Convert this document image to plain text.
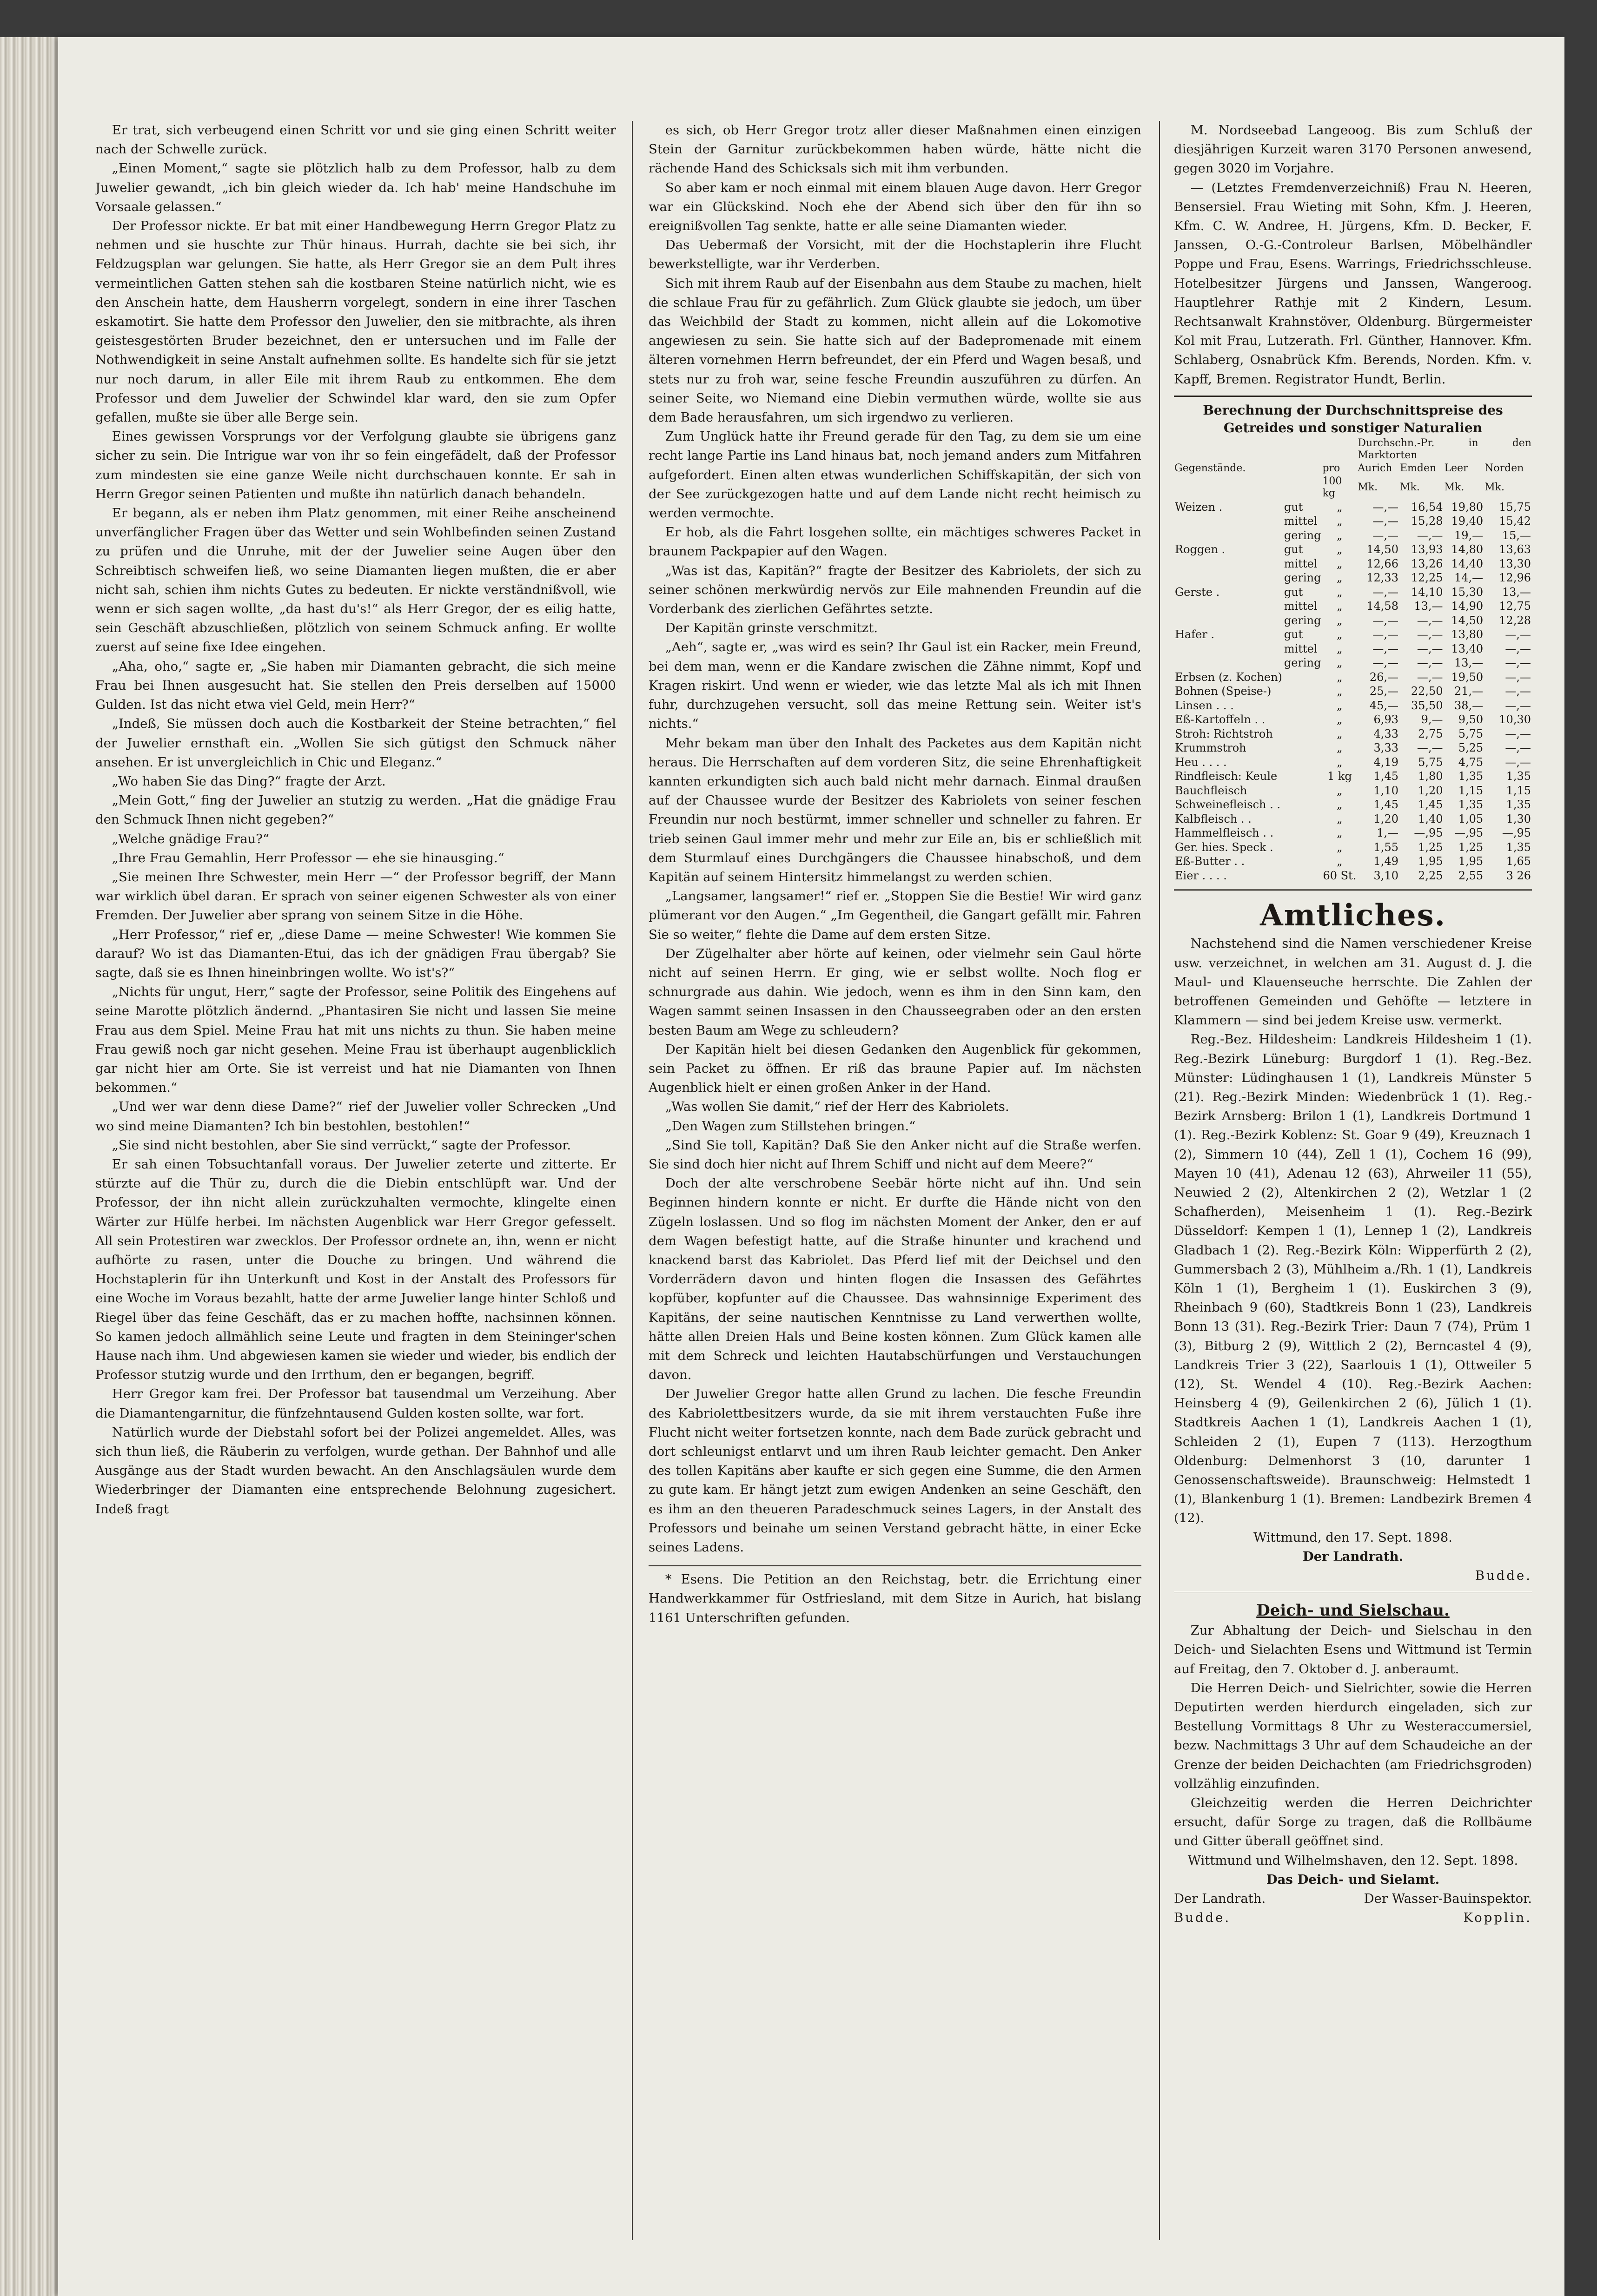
Er trat, sich verbeugend einen Schritt vor und sie ging einen Schritt weiter nach der Schwelle zurück.

„Einen Moment,“ sagte sie plötzlich halb zu dem Professor, halb zu dem Juwelier gewandt, „ich bin gleich wieder da. Ich hab' meine Handschuhe im Vorsaale gelassen.“

Der Professor nickte. Er bat mit einer Handbewegung Herrn Gregor Platz zu nehmen und sie huschte zur Thür hinaus. Hurrah, dachte sie bei sich, ihr Feldzugsplan war gelungen. Sie hatte, als Herr Gregor sie an dem Pult ihres vermeintlichen Gatten stehen sah die kostbaren Steine natürlich nicht, wie es den Anschein hatte, dem Hausherrn vorgelegt, sondern in eine ihrer Taschen eskamotirt. Sie hatte dem Professor den Juwelier, den sie mitbrachte, als ihren geistesgestörten Bruder bezeichnet, den er untersuchen und im Falle der Nothwendigkeit in seine Anstalt aufnehmen sollte. Es handelte sich für sie jetzt nur noch darum, in aller Eile mit ihrem Raub zu entkommen. Ehe dem Professor und dem Juwelier der Schwindel klar ward, den sie zum Opfer gefallen, mußte sie über alle Berge sein.

Eines gewissen Vorsprungs vor der Verfolgung glaubte sie übrigens ganz sicher zu sein. Die Intrigue war von ihr so fein eingefädelt, daß der Professor zum mindesten sie eine ganze Weile nicht durchschauen konnte. Er sah in Herrn Gregor seinen Patienten und mußte ihn natürlich danach behandeln.

Er begann, als er neben ihm Platz genommen, mit einer Reihe anscheinend unverfänglicher Fragen über das Wetter und sein Wohlbefinden seinen Zustand zu prüfen und die Unruhe, mit der der Juwelier seine Augen über den Schreibtisch schweifen ließ, wo seine Diamanten liegen mußten, die er aber nicht sah, schien ihm nichts Gutes zu bedeuten. Er nickte verständnißvoll, wie wenn er sich sagen wollte, „da hast du's!“ als Herr Gregor, der es eilig hatte, sein Geschäft abzuschließen, plötzlich von seinem Schmuck anfing. Er wollte zuerst auf seine fixe Idee eingehen.

„Aha, oho,“ sagte er, „Sie haben mir Diamanten gebracht, die sich meine Frau bei Ihnen ausgesucht hat. Sie stellen den Preis derselben auf 15000 Gulden. Ist das nicht etwa viel Geld, mein Herr?“

„Indeß, Sie müssen doch auch die Kostbarkeit der Steine betrachten,“ fiel der Juwelier ernsthaft ein. „Wollen Sie sich gütigst den Schmuck näher ansehen. Er ist unvergleichlich in Chic und Eleganz.“

„Wo haben Sie das Ding?“ fragte der Arzt.

„Mein Gott,“ fing der Juwelier an stutzig zu werden. „Hat die gnädige Frau den Schmuck Ihnen nicht gegeben?“

„Welche gnädige Frau?“

„Ihre Frau Gemahlin, Herr Professor — ehe sie hinausging.“

„Sie meinen Ihre Schwester, mein Herr —“ der Professor begriff, der Mann war wirklich übel daran. Er sprach von seiner eigenen Schwester als von einer Fremden. Der Juwelier aber sprang von seinem Sitze in die Höhe.

„Herr Professor,“ rief er, „diese Dame — meine Schwester! Wie kommen Sie darauf? Wo ist das Diamanten-Etui, das ich der gnädigen Frau übergab? Sie sagte, daß sie es Ihnen hineinbringen wollte. Wo ist's?“

„Nichts für ungut, Herr,“ sagte der Professor, seine Politik des Eingehens auf seine Marotte plötzlich ändernd. „Phantasiren Sie nicht und lassen Sie meine Frau aus dem Spiel. Meine Frau hat mit uns nichts zu thun. Sie haben meine Frau gewiß noch gar nicht gesehen. Meine Frau ist überhaupt augenblicklich gar nicht hier am Orte. Sie ist verreist und hat nie Diamanten von Ihnen bekommen.“

„Und wer war denn diese Dame?“ rief der Juwelier voller Schrecken „Und wo sind meine Diamanten? Ich bin bestohlen, bestohlen!“

„Sie sind nicht bestohlen, aber Sie sind verrückt,“ sagte der Professor.

Er sah einen Tobsuchtanfall voraus. Der Juwelier zeterte und zitterte. Er stürzte auf die Thür zu, durch die die Diebin entschlüpft war. Und der Professor, der ihn nicht allein zurückzuhalten vermochte, klingelte einen Wärter zur Hülfe herbei. Im nächsten Augenblick war Herr Gregor gefesselt. All sein Protestiren war zwecklos. Der Professor ordnete an, ihn, wenn er nicht aufhörte zu rasen, unter die Douche zu bringen. Und während die Hochstaplerin für ihn Unterkunft und Kost in der Anstalt des Professors für eine Woche im Voraus bezahlt, hatte der arme Juwelier lange hinter Schloß und Riegel über das feine Geschäft, das er zu machen hoffte, nachsinnen können. So kamen jedoch allmählich seine Leute und fragten in dem Steininger'schen Hause nach ihm. Und abgewiesen kamen sie wieder und wieder, bis endlich der Professor stutzig wurde und den Irrthum, den er begangen, begriff.

Herr Gregor kam frei. Der Professor bat tausendmal um Verzeihung. Aber die Diamantengarnitur, die fünfzehntausend Gulden kosten sollte, war fort.

Natürlich wurde der Diebstahl sofort bei der Polizei angemeldet. Alles, was sich thun ließ, die Räuberin zu verfolgen, wurde gethan. Der Bahnhof und alle Ausgänge aus der Stadt wurden bewacht. An den Anschlagsäulen wurde dem Wiederbringer der Diamanten eine entsprechende Belohnung zugesichert. Indeß fragt

es sich, ob Herr Gregor trotz aller dieser Maßnahmen einen einzigen Stein der Garnitur zurückbekommen haben würde, hätte nicht die rächende Hand des Schicksals sich mit ihm verbunden.

So aber kam er noch einmal mit einem blauen Auge davon. Herr Gregor war ein Glückskind. Noch ehe der Abend sich über den für ihn so ereignißvollen Tag senkte, hatte er alle seine Diamanten wieder.

Das Uebermaß der Vorsicht, mit der die Hochstaplerin ihre Flucht bewerkstelligte, war ihr Verderben.

Sich mit ihrem Raub auf der Eisenbahn aus dem Staube zu machen, hielt die schlaue Frau für zu gefährlich. Zum Glück glaubte sie jedoch, um über das Weichbild der Stadt zu kommen, nicht allein auf die Lokomotive angewiesen zu sein. Sie hatte sich auf der Badepromenade mit einem älteren vornehmen Herrn befreundet, der ein Pferd und Wagen besaß, und stets nur zu froh war, seine fesche Freundin auszuführen zu dürfen. An seiner Seite, wo Niemand eine Diebin vermuthen würde, wollte sie aus dem Bade herausfahren, um sich irgendwo zu verlieren.

Zum Unglück hatte ihr Freund gerade für den Tag, zu dem sie um eine recht lange Partie ins Land hinaus bat, noch jemand anders zum Mitfahren aufgefordert. Einen alten etwas wunderlichen Schiffskapitän, der sich von der See zurückgezogen hatte und auf dem Lande nicht recht heimisch zu werden vermochte.

Er hob, als die Fahrt losgehen sollte, ein mächtiges schweres Packet in braunem Packpapier auf den Wagen.

„Was ist das, Kapitän?“ fragte der Besitzer des Kabriolets, der sich zu seiner schönen merkwürdig nervös zur Eile mahnenden Freundin auf die Vorderbank des zierlichen Gefährtes setzte.

Der Kapitän grinste verschmitzt.

„Aeh“, sagte er, „was wird es sein? Ihr Gaul ist ein Racker, mein Freund, bei dem man, wenn er die Kandare zwischen die Zähne nimmt, Kopf und Kragen riskirt. Und wenn er wieder, wie das letzte Mal als ich mit Ihnen fuhr, durchzugehen versucht, soll das meine Rettung sein. Weiter ist's nichts.“

Mehr bekam man über den Inhalt des Packetes aus dem Kapitän nicht heraus. Die Herrschaften auf dem vorderen Sitz, die seine Ehrenhaftigkeit kannten erkundigten sich auch bald nicht mehr darnach. Einmal draußen auf der Chaussee wurde der Besitzer des Kabriolets von seiner feschen Freundin nur noch bestürmt, immer schneller und schneller zu fahren. Er trieb seinen Gaul immer mehr und mehr zur Eile an, bis er schließlich mit dem Sturmlauf eines Durchgängers die Chaussee hinabschoß, und dem Kapitän auf seinem Hintersitz himmelangst zu werden schien.

„Langsamer, langsamer!“ rief er. „Stoppen Sie die Bestie! Wir wird ganz plümerant vor den Augen.“ „Im Gegentheil, die Gangart gefällt mir. Fahren Sie so weiter,“ flehte die Dame auf dem ersten Sitze.

Der Zügelhalter aber hörte auf keinen, oder vielmehr sein Gaul hörte nicht auf seinen Herrn. Er ging, wie er selbst wollte. Noch flog er schnurgrade aus dahin. Wie jedoch, wenn es ihm in den Sinn kam, den Wagen sammt seinen Insassen in den Chausseegraben oder an den ersten besten Baum am Wege zu schleudern?

Der Kapitän hielt bei diesen Gedanken den Augenblick für gekommen, sein Packet zu öffnen. Er riß das braune Papier auf. Im nächsten Augenblick hielt er einen großen Anker in der Hand.

„Was wollen Sie damit,“ rief der Herr des Kabriolets.

„Den Wagen zum Stillstehen bringen.“

„Sind Sie toll, Kapitän? Daß Sie den Anker nicht auf die Straße werfen. Sie sind doch hier nicht auf Ihrem Schiff und nicht auf dem Meere?“

Doch der alte verschrobene Seebär hörte nicht auf ihn. Und sein Beginnen hindern konnte er nicht. Er durfte die Hände nicht von den Zügeln loslassen. Und so flog im nächsten Moment der Anker, den er auf dem Wagen befestigt hatte, auf die Straße hinunter und krachend und knackend barst das Kabriolet. Das Pferd lief mit der Deichsel und den Vorderrädern davon und hinten flogen die Insassen des Gefährtes kopfüber, kopfunter auf die Chaussee. Das wahnsinnige Experiment des Kapitäns, der seine nautischen Kenntnisse zu Land verwerthen wollte, hätte allen Dreien Hals und Beine kosten können. Zum Glück kamen alle mit dem Schreck und leichten Hautabschürfungen und Verstauchungen davon.

Der Juwelier Gregor hatte allen Grund zu lachen. Die fesche Freundin des Kabriolettbesitzers wurde, da sie mit ihrem verstauchten Fuße ihre Flucht nicht weiter fortsetzen konnte, nach dem Bade zurück gebracht und dort schleunigst entlarvt und um ihren Raub leichter gemacht. Den Anker des tollen Kapitäns aber kaufte er sich gegen eine Summe, die den Armen zu gute kam. Er hängt jetzt zum ewigen Andenken an seine Geschäft, den es ihm an den theueren Paradeschmuck seines Lagers, in der Anstalt des Professors und beinahe um seinen Verstand gebracht hätte, in einer Ecke seines Ladens.

* Esens. Die Petition an den Reichstag, betr. die Errichtung einer Handwerkkammer für Ostfriesland, mit dem Sitze in Aurich, hat bislang 1161 Unterschriften gefunden.

M. Nordseebad Langeoog. Bis zum Schluß der diesjährigen Kurzeit waren 3170 Personen anwesend, gegen 3020 im Vorjahre.

— (Letztes Fremdenverzeichniß) Frau N. Heeren, Bensersiel. Frau Wieting mit Sohn, Kfm. J. Heeren, Kfm. C. W. Andree, H. Jürgens, Kfm. D. Becker, F. Janssen, O.-G.-Controleur Barlsen, Möbelhändler Poppe und Frau, Esens. Warrings, Friedrichsschleuse. Hotelbesitzer Jürgens und Janssen, Wangeroog. Hauptlehrer Rathje mit 2 Kindern, Lesum. Rechtsanwalt Krahnstöver, Oldenburg. Bürgermeister Kol mit Frau, Lutzerath. Frl. Günther, Hannover. Kfm. Schlaberg, Osnabrück Kfm. Berends, Norden. Kfm. v. Kapff, Bremen. Registrator Hundt, Berlin.

Berechnung der Durchschnittspreise des Getreides und sonstiger Naturalien
			Durchschn.-Pr. in den Marktorten			
Gegenstände.		pro	Aurich	Emden	Leer	Norden
		100 kg	Mk.	Mk.	Mk.	Mk.
Weizen .	gut	„	—,—	16,54	19,80	15,75
	mittel	„	—,—	15,28	19,40	15,42
	gering	„	—,—	—,—	19,—	15,—
Roggen .	gut	„	14,50	13,93	14,80	13,63
	mittel	„	12,66	13,26	14,40	13,30
	gering	„	12,33	12,25	14,—	12,96
Gerste .	gut	„	—,—	14,10	15,30	13,—
	mittel	„	14,58	13,—	14,90	12,75
	gering	„	—,—	—,—	14,50	12,28
Hafer .	gut	„	—,—	—,—	13,80	—,—
	mittel	„	—,—	—,—	13,40	—,—
	gering	„	—,—	—,—	13,—	—,—
Erbsen (z. Kochen)		„	26,—	—,—	19,50	—,—
Bohnen (Speise-)		„	25,—	22,50	21,—	—,—
Linsen . . .		„	45,—	35,50	38,—	—,—
Eß-Kartoffeln . .		„	6,93	9,—	9,50	10,30
Stroh: Richtstroh		„	4,33	2,75	5,75	—,—
Krummstroh		„	3,33	—,—	5,25	—,—
Heu . . . .		„	4,19	5,75	4,75	—,—
Rindfleisch: Keule		1 kg	1,45	1,80	1,35	1,35
Bauchfleisch		„	1,10	1,20	1,15	1,15
Schweinefleisch . .		„	1,45	1,45	1,35	1,35
Kalbfleisch . .		„	1,20	1,40	1,05	1,30
Hammelfleisch . .		„	1,—	—,95	—,95	—,95
Ger. hies. Speck .		„	1,55	1,25	1,25	1,35
Eß-Butter . .		„	1,49	1,95	1,95	1,65
Eier . . . .		60 St.	3,10	2,25	2,55	3 26
Amtliches.

Nachstehend sind die Namen verschiedener Kreise usw. verzeichnet, in welchen am 31. August d. J. die Maul- und Klauenseuche herrschte. Die Zahlen der betroffenen Gemeinden und Gehöfte — letztere in Klammern — sind bei jedem Kreise usw. vermerkt.

Reg.-Bez. Hildesheim: Landkreis Hildesheim 1 (1). Reg.-Bezirk Lüneburg: Burgdorf 1 (1). Reg.-Bez. Münster: Lüdinghausen 1 (1), Landkreis Münster 5 (21). Reg.-Bezirk Minden: Wiedenbrück 1 (1). Reg.-Bezirk Arnsberg: Brilon 1 (1), Landkreis Dortmund 1 (1). Reg.-Bezirk Koblenz: St. Goar 9 (49), Kreuznach 1 (2), Simmern 10 (44), Zell 1 (1), Cochem 16 (99), Mayen 10 (41), Adenau 12 (63), Ahrweiler 11 (55), Neuwied 2 (2), Altenkirchen 2 (2), Wetzlar 1 (2 Schafherden), Meisenheim 1 (1). Reg.-Bezirk Düsseldorf: Kempen 1 (1), Lennep 1 (2), Landkreis Gladbach 1 (2). Reg.-Bezirk Köln: Wipperfürth 2 (2), Gummersbach 2 (3), Mühlheim a./Rh. 1 (1), Landkreis Köln 1 (1), Bergheim 1 (1). Euskirchen 3 (9), Rheinbach 9 (60), Stadtkreis Bonn 1 (23), Landkreis Bonn 13 (31). Reg.-Bezirk Trier: Daun 7 (74), Prüm 1 (3), Bitburg 2 (9), Wittlich 2 (2), Berncastel 4 (9), Landkreis Trier 3 (22), Saarlouis 1 (1), Ottweiler 5 (12), St. Wendel 4 (10). Reg.-Bezirk Aachen: Heinsberg 4 (9), Geilenkirchen 2 (6), Jülich 1 (1). Stadtkreis Aachen 1 (1), Landkreis Aachen 1 (1), Schleiden 2 (1), Eupen 7 (113). Herzogthum Oldenburg: Delmenhorst 3 (10, darunter 1 Genossenschaftsweide). Braunschweig: Helmstedt 1 (1), Blankenburg 1 (1). Bremen: Landbezirk Bremen 4 (12).

Wittmund, den 17. Sept. 1898.
Der Landrath.
Budde.
Deich- und Sielschau.

Zur Abhaltung der Deich- und Sielschau in den Deich- und Sielachten Esens und Wittmund ist Termin auf Freitag, den 7. Oktober d. J. anberaumt.

Die Herren Deich- und Sielrichter, sowie die Herren Deputirten werden hierdurch eingeladen, sich zur Bestellung Vormittags 8 Uhr zu Westeraccumersiel, bezw. Nachmittags 3 Uhr auf dem Schaudeiche an der Grenze der beiden Deichachten (am Friedrichsgroden) vollzählig einzufinden.

Gleichzeitig werden die Herren Deichrichter ersucht, dafür Sorge zu tragen, daß die Rollbäume und Gitter überall geöffnet sind.

Wittmund und Wilhelmshaven, den 12. Sept. 1898.
Das Deich- und Sielamt.
Der Landrath.	Der Wasser-Bauinspektor.
Budde.	Kopplin.
